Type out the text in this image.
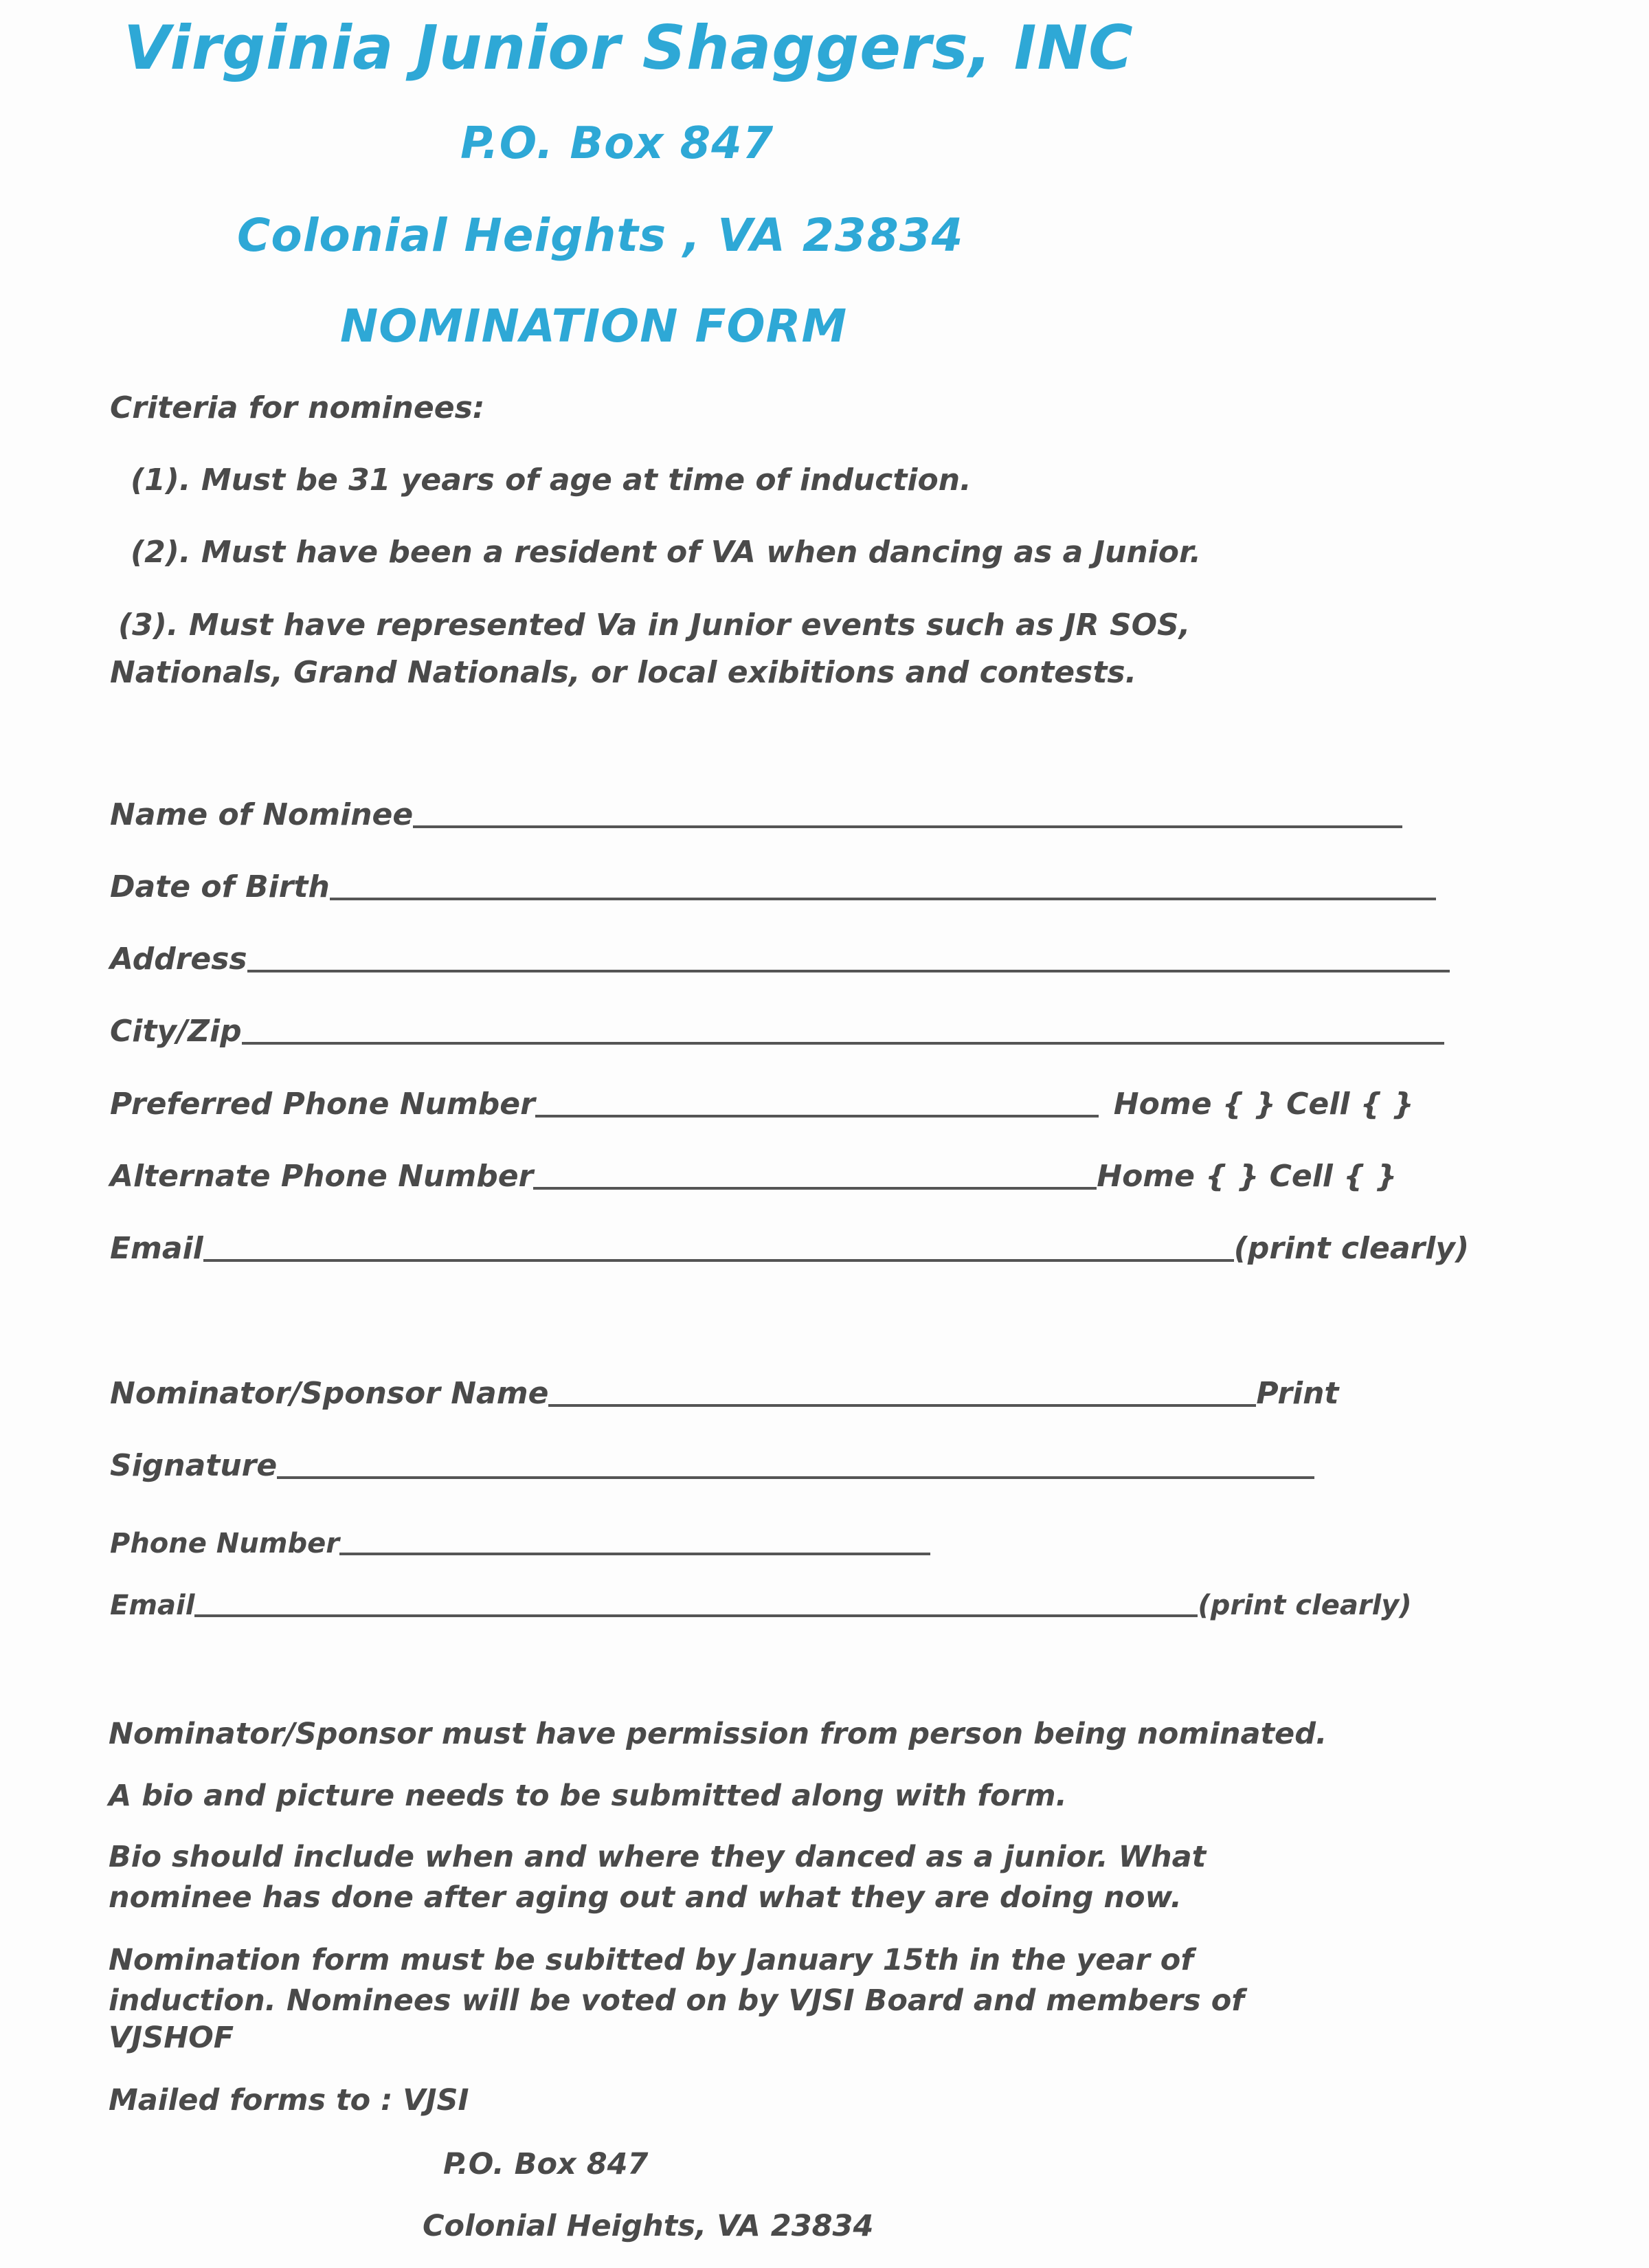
Virginia Junior Shaggers, INC
P.O. Box 847
Colonial Heights , VA 23834
NOMINATION FORM
Criteria for nominees:
(1). Must be 31 years of age at time of induction.
(2). Must have been a resident of VA when dancing as a Junior.
(3). Must have represented Va in Junior events such as JR SOS,
Nationals, Grand Nationals, or local exibitions and contests.
Name of Nominee
Date of Birth
Address
City/Zip
Preferred Phone Number	Home { } Cell { }
Alternate Phone Number	Home { } Cell { }
Email	(print clearly)
Nominator/Sponsor Name	Print
Signature
Phone Number
Email	(print clearly)
Nominator/Sponsor must have permission from person being nominated.
A bio and picture needs to be submitted along with form.
Bio should include when and where they danced as a junior. What
nominee has done after aging out and what they are doing now.
Nomination form must be subitted by January 15th in the year of
induction. Nominees will be voted on by VJSI Board and members of
VJSHOF
Mailed forms to : VJSI
P.O. Box 847
Colonial Heights, VA 23834
